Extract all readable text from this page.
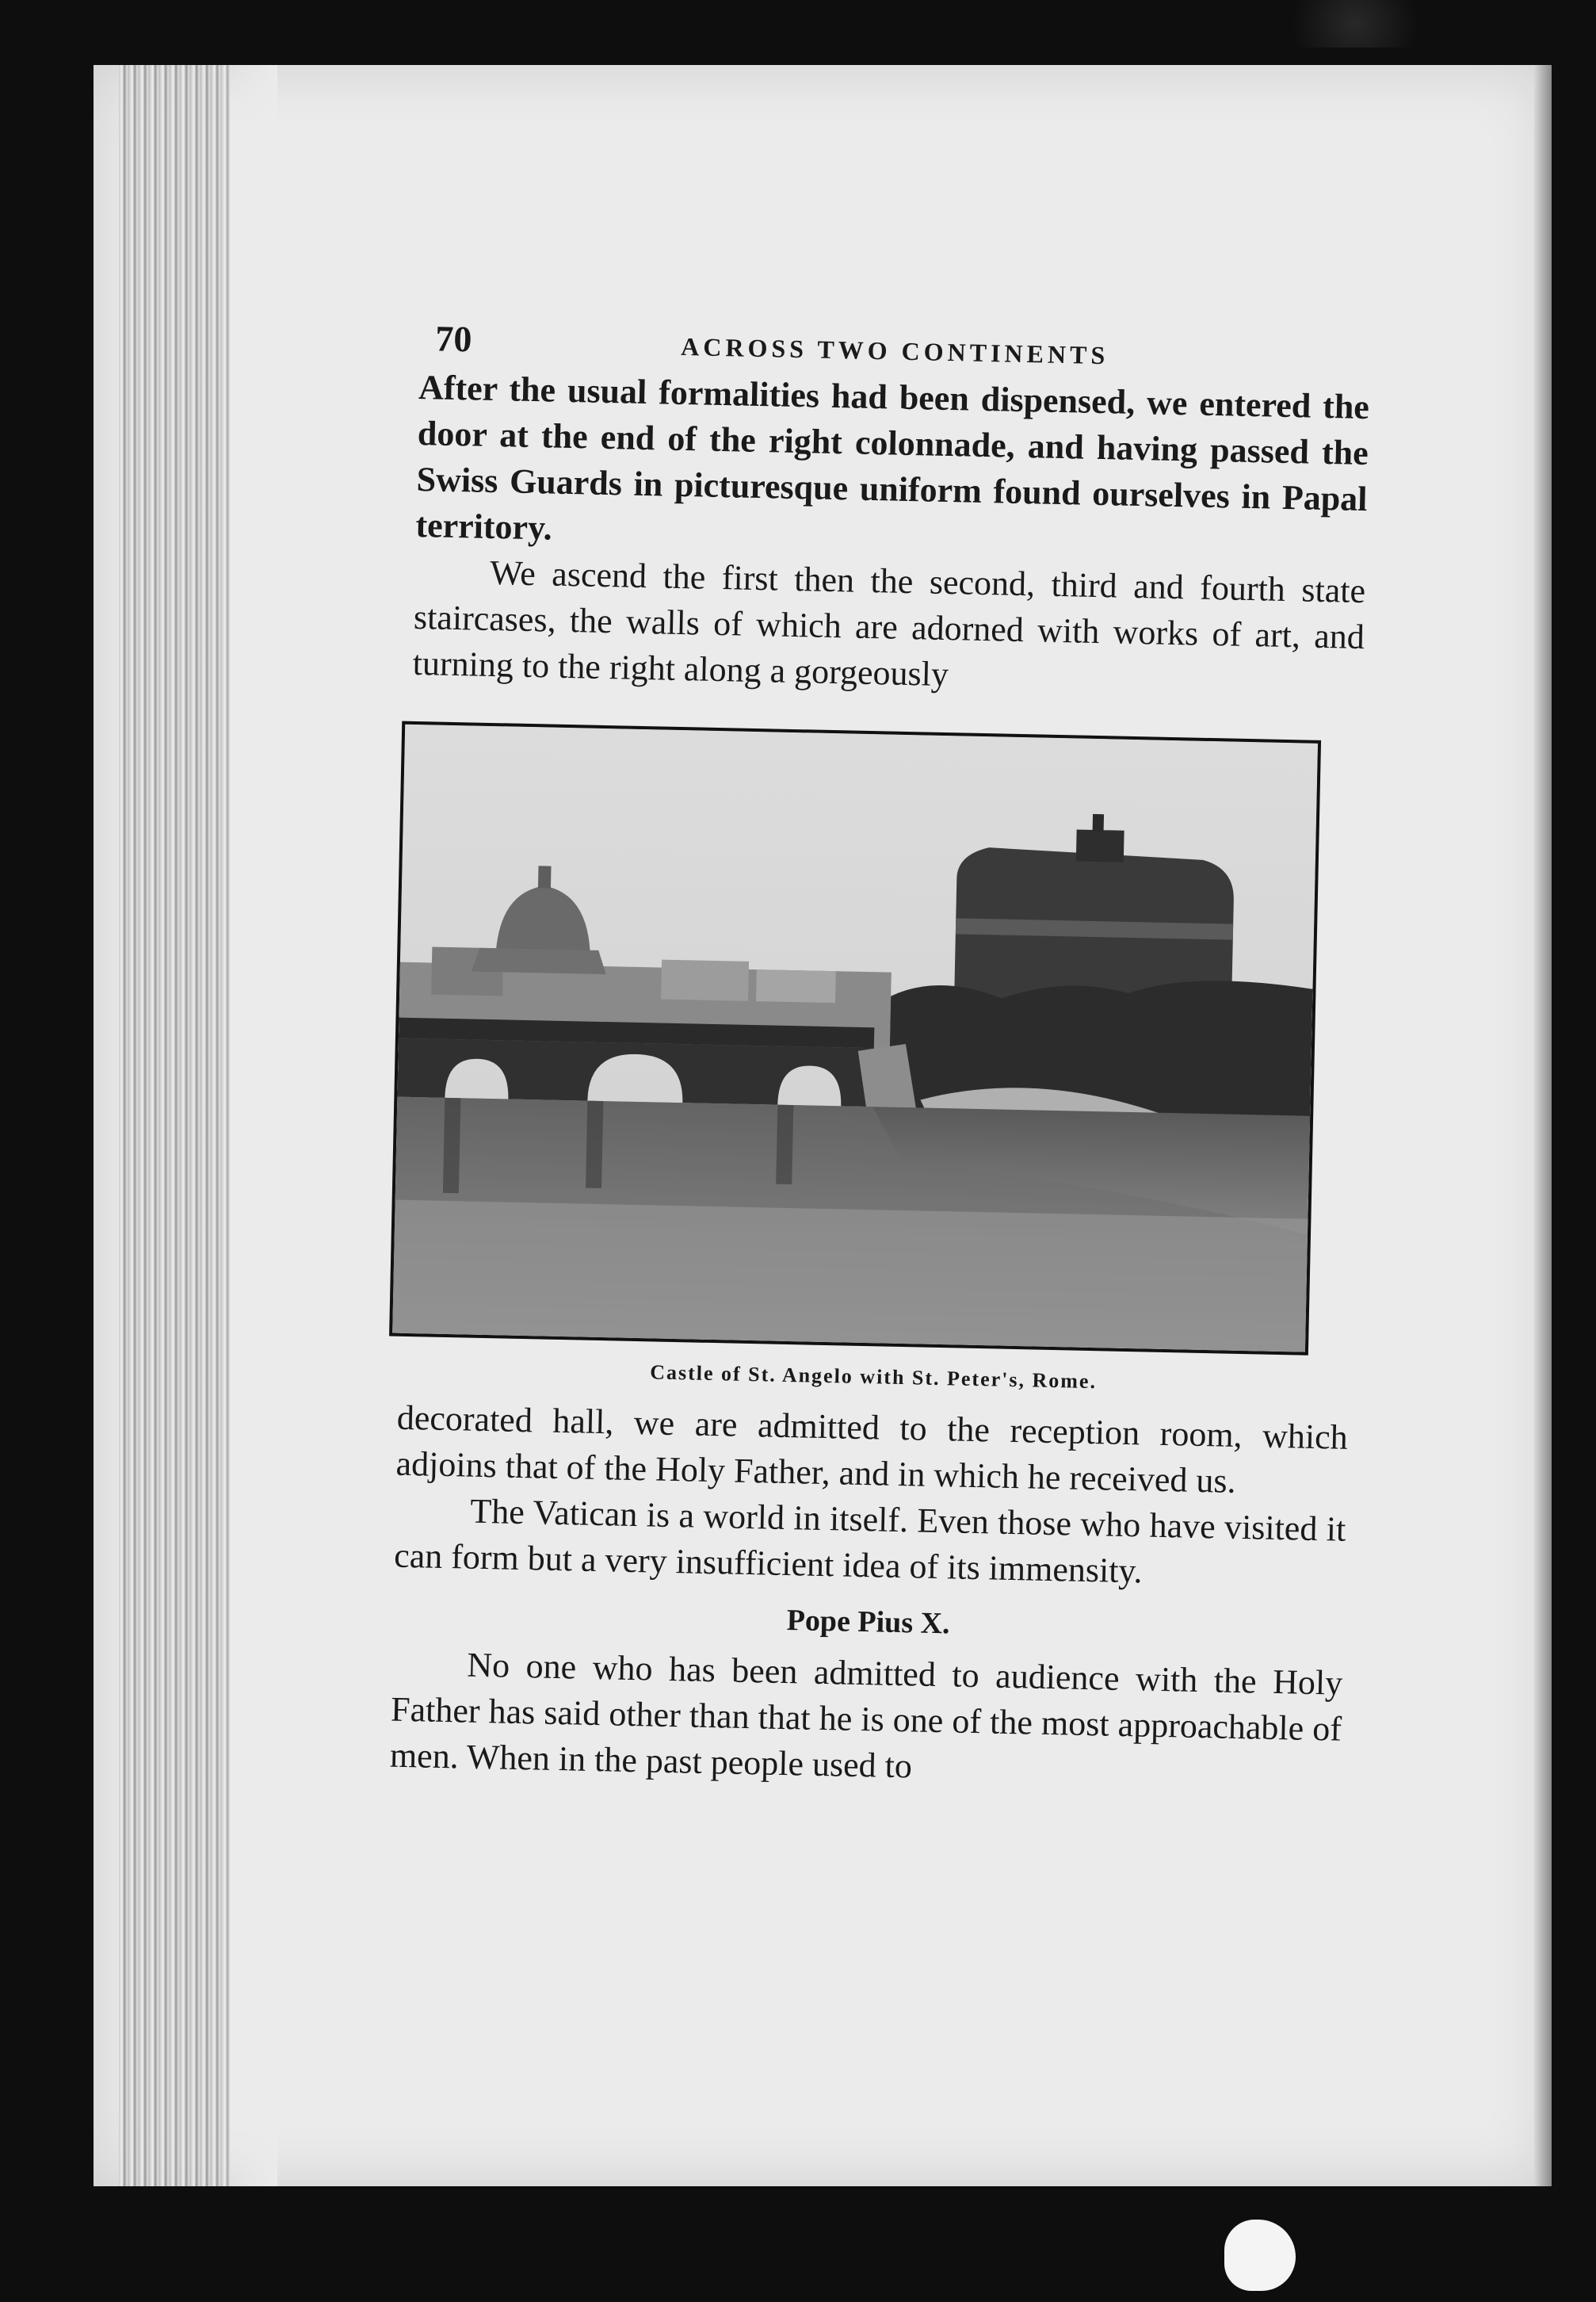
70	ACROSS TWO CONTINENTS

After the usual formalities had been dispensed, we entered the door at the end of the right colonnade, and having passed the Swiss Guards in picturesque uniform found ourselves in Papal territory.

We ascend the first then the second, third and fourth state staircases, the walls of which are adorned with works of art, and turning to the right along a gorgeously

Castle of St. Angelo with St. Peter's, Rome.

decorated hall, we are admitted to the reception room, which adjoins that of the Holy Father, and in which he received us.

The Vatican is a world in itself. Even those who have visited it can form but a very insufficient idea of its immensity.

Pope Pius X.

No one who has been admitted to audience with the Holy Father has said other than that he is one of the most approachable of men. When in the past people used to
